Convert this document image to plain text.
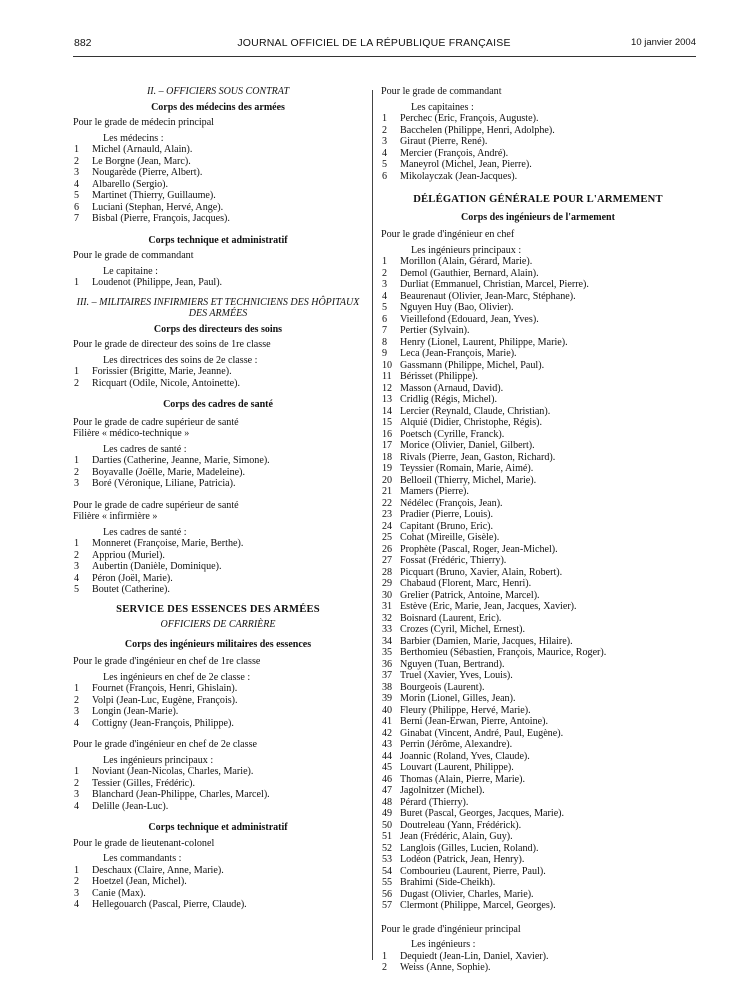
882	JOURNAL OFFICIEL DE LA RÉPUBLIQUE FRANÇAISE	10 janvier 2004
II. – OFFICIERS SOUS CONTRAT
Corps des médecins des armées
Pour le grade de médecin principal
Les médecins :
1	Michel (Arnauld, Alain).
2	Le Borgne (Jean, Marc).
3	Nougarède (Pierre, Albert).
4	Albarello (Sergio).
5	Martinet (Thierry, Guillaume).
6	Luciani (Stephan, Hervé, Ange).
7	Bisbal (Pierre, François, Jacques).
Corps technique et administratif
Pour le grade de commandant
Le capitaine :
1	Loudenot (Philippe, Jean, Paul).
III. – MILITAIRES INFIRMIERS ET TECHNICIENS DES HÔPITAUX DES ARMÉES
Corps des directeurs des soins
Pour le grade de directeur des soins de 1re classe
Les directrices des soins de 2e classe :
1	Forissier (Brigitte, Marie, Jeanne).
2	Ricquart (Odile, Nicole, Antoinette).
Corps des cadres de santé
Pour le grade de cadre supérieur de santé
Filière « médico-technique »
Les cadres de santé :
1	Darties (Catherine, Jeanne, Marie, Simone).
2	Boyavalle (Joëlle, Marie, Madeleine).
3	Boré (Véronique, Liliane, Patricia).
Pour le grade de cadre supérieur de santé
Filière « infirmière »
Les cadres de santé :
1	Monneret (Françoise, Marie, Berthe).
2	Appriou (Muriel).
3	Aubertin (Danièle, Dominique).
4	Péron (Joël, Marie).
5	Boutet (Catherine).
SERVICE DES ESSENCES DES ARMÉES
OFFICIERS DE CARRIÈRE
Corps des ingénieurs militaires des essences
Pour le grade d'ingénieur en chef de 1re classe
Les ingénieurs en chef de 2e classe :
1	Fournet (François, Henri, Ghislain).
2	Volpi (Jean-Luc, Eugène, François).
3	Longin (Jean-Marie).
4	Cottigny (Jean-François, Philippe).
Pour le grade d'ingénieur en chef de 2e classe
Les ingénieurs principaux :
1	Noviant (Jean-Nicolas, Charles, Marie).
2	Tessier (Gilles, Frédéric).
3	Blanchard (Jean-Philippe, Charles, Marcel).
4	Delille (Jean-Luc).
Corps technique et administratif
Pour le grade de lieutenant-colonel
Les commandants :
1	Deschaux (Claire, Anne, Marie).
2	Hoetzel (Jean, Michel).
3	Canie (Max).
4	Hellegouarch (Pascal, Pierre, Claude).
Pour le grade de commandant
Les capitaines :
1	Perchec (Eric, François, Auguste).
2	Bacchelen (Philippe, Henri, Adolphe).
3	Giraut (Pierre, René).
4	Mercier (François, André).
5	Maneyrol (Michel, Jean, Pierre).
6	Mikolayczak (Jean-Jacques).
DÉLÉGATION GÉNÉRALE POUR L'ARMEMENT
Corps des ingénieurs de l'armement
Pour le grade d'ingénieur en chef
Les ingénieurs principaux :
1	Morillon (Alain, Gérard, Marie).
2	Demol (Gauthier, Bernard, Alain).
3	Durliat (Emmanuel, Christian, Marcel, Pierre).
4	Beaurenaut (Olivier, Jean-Marc, Stéphane).
5	Nguyen Huy (Bao, Olivier).
6	Vieillefond (Edouard, Jean, Yves).
7	Pertier (Sylvain).
8	Henry (Lionel, Laurent, Philippe, Marie).
9	Leca (Jean-François, Marie).
10 Gassmann (Philippe, Michel, Paul).
11 Bérisset (Philippe).
12 Masson (Arnaud, David).
13 Cridlig (Régis, Michel).
14 Lercier (Reynald, Claude, Christian).
15 Alquié (Didier, Christophe, Régis).
16 Poetsch (Cyrille, Franck).
17 Morice (Olivier, Daniel, Gilbert).
18 Rivals (Pierre, Jean, Gaston, Richard).
19 Teyssier (Romain, Marie, Aimé).
20 Belloeil (Thierry, Michel, Marie).
21 Mamers (Pierre).
22 Nédélec (François, Jean).
23 Pradier (Pierre, Louis).
24 Capitant (Bruno, Eric).
25 Cohat (Mireille, Gisèle).
26 Prophète (Pascal, Roger, Jean-Michel).
27 Fossat (Frédéric, Thierry).
28 Picquart (Bruno, Xavier, Alain, Robert).
29 Chabaud (Florent, Marc, Henri).
30 Grelier (Patrick, Antoine, Marcel).
31 Estève (Eric, Marie, Jean, Jacques, Xavier).
32 Boisnard (Laurent, Eric).
33 Crozes (Cyril, Michel, Ernest).
34 Barbier (Damien, Marie, Jacques, Hilaire).
35 Berthomieu (Sébastien, François, Maurice, Roger).
36 Nguyen (Tuan, Bertrand).
37 Truel (Xavier, Yves, Louis).
38 Bourgeois (Laurent).
39 Morin (Lionel, Gilles, Jean).
40 Fleury (Philippe, Hervé, Marie).
41 Berni (Jean-Erwan, Pierre, Antoine).
42 Ginabat (Vincent, André, Paul, Eugène).
43 Perrin (Jérôme, Alexandre).
44 Joannic (Roland, Yves, Claude).
45 Louvart (Laurent, Philippe).
46 Thomas (Alain, Pierre, Marie).
47 Jagolnitzer (Michel).
48 Pérard (Thierry).
49 Buret (Pascal, Georges, Jacques, Marie).
50 Doutreleau (Yann, Frédérick).
51 Jean (Frédéric, Alain, Guy).
52 Langlois (Gilles, Lucien, Roland).
53 Lodéon (Patrick, Jean, Henry).
54 Combourieu (Laurent, Pierre, Paul).
55 Brahimi (Side-Cheikh).
56 Dugast (Olivier, Charles, Marie).
57 Clermont (Philippe, Marcel, Georges).
Pour le grade d'ingénieur principal
Les ingénieurs :
1	Dequiedt (Jean-Lin, Daniel, Xavier).
2	Weiss (Anne, Sophie).
